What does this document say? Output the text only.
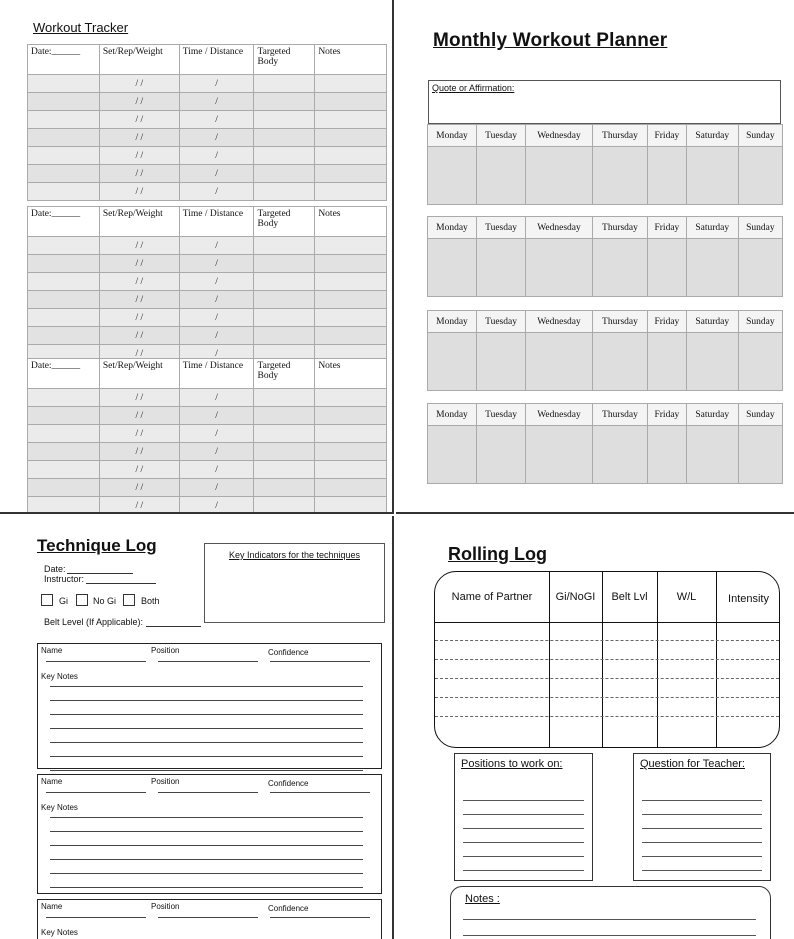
Workout Tracker
Date:______	Set/Rep/Weight	Time / Distance	Targeted Body	Notes
	/ /	/		
	/ /	/		
	/ /	/		
	/ /	/		
	/ /	/		
	/ /	/		
	/ /	/		
Date:______	Set/Rep/Weight	Time / Distance	Targeted Body	Notes
	/ /	/		
	/ /	/		
	/ /	/		
	/ /	/		
	/ /	/		
	/ /	/		
	/ /	/		
Date:______	Set/Rep/Weight	Time / Distance	Targeted Body	Notes
	/ /	/		
	/ /	/		
	/ /	/		
	/ /	/		
	/ /	/		
	/ /	/		
	/ /	/		
Monthly Workout Planner
Quote or Affirmation:
Monday	Tuesday	Wednesday	Thursday	Friday	Saturday	Sunday

Monday	Tuesday	Wednesday	Thursday	Friday	Saturday	Sunday

Monday	Tuesday	Wednesday	Thursday	Friday	Saturday	Sunday

Monday	Tuesday	Wednesday	Thursday	Friday	Saturday	Sunday

Technique Log
Date:
Instructor:
Gi	No Gi	Both
Belt Level (If Applicable):
Key Indicators for the techniques
Name	Position	Confidence
Key Notes
Name	Position	Confidence
Key Notes
Name	Position	Confidence
Key Notes
Rolling Log
Name of Partner	Gi/NoGI	Belt Lvl	W/L	Intensity
Positions to work on:	Question for Teacher:
Notes :
